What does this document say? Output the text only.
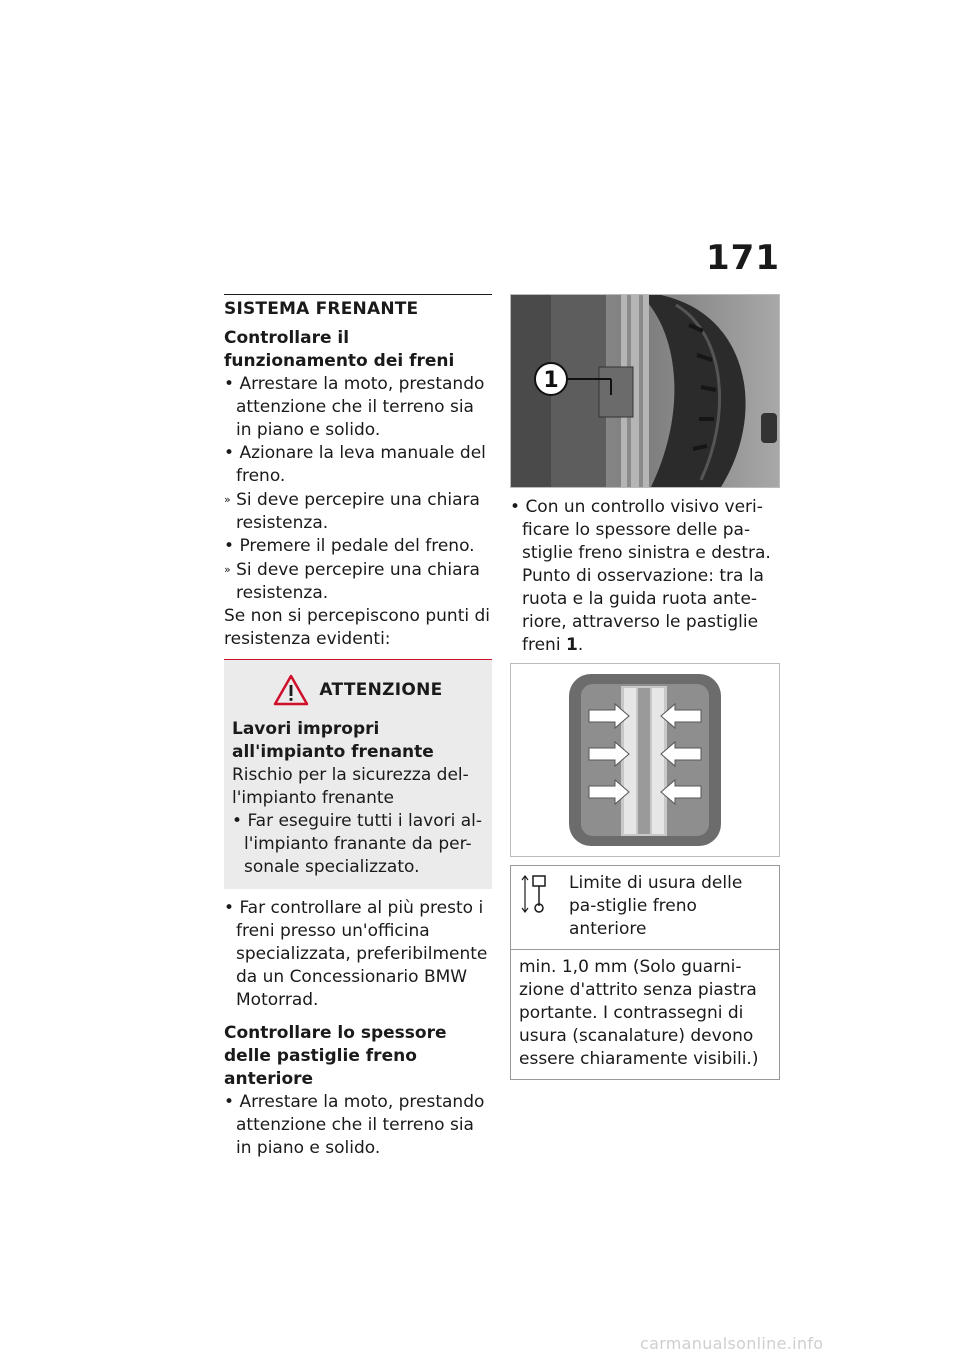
171
SISTEMA FRENANTE
Controllare il funzionamento dei freni
• Arrestare la moto, prestando attenzione che il terreno sia in piano e solido.
• Azionare la leva manuale del freno.
» Si deve percepire una chiara resistenza.
• Premere il pedale del freno.
» Si deve percepire una chiara resistenza.
Se non si percepiscono punti di resistenza evidenti:
ATTENZIONE
Lavori impropri all'impianto frenante
Rischio per la sicurezza del-l'impianto frenante
• Far eseguire tutti i lavori al-l'impianto franante da per-sonale specializzato.
• Far controllare al più presto i freni presso un'officina specializzata, preferibilmente da un Concessionario BMW Motorrad.
Controllare lo spessore delle pastiglie freno anteriore
• Arrestare la moto, prestando attenzione che il terreno sia in piano e solido.
1
• Con un controllo visivo veri-ficare lo spessore delle pa-stiglie freno sinistra e destra. Punto di osservazione: tra la ruota e la guida ruota ante-riore, attraverso le pastiglie freni 1.
Limite di usura delle pa-stiglie freno anteriore
min. 1,0 mm (Solo guarni-zione d'attrito senza piastra portante. I contrassegni di usura (scanalature) devono essere chiaramente visibili.)
carmanualsonline.info
